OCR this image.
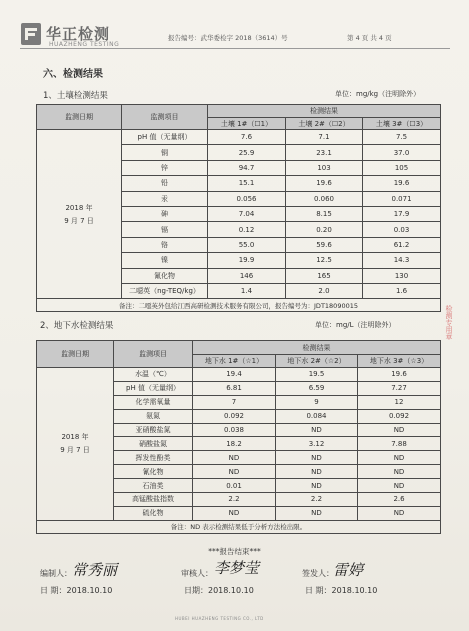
华正检测
HUAZHENG TESTING
报告编号：武华委检字 2018（3614）号	第 4 页 共 4 页
六、检测结果
1、土壤检测结果	单位：mg/kg（注明除外）
监测日期	监测项目	检测结果		
		土壤 1#（☐1）	土壤 2#（☐2）	土壤 3#（☐3）

2018 年
9 月 7 日	pH 值（无量纲）	7.6	7.1	7.5
	铜	25.9	23.1	37.0
	锌	94.7	103	105
	铅	15.1	19.6	19.6
	汞	0.056	0.060	0.071
	砷	7.04	8.15	17.9
	镉	0.12	0.20	0.03
	铬	55.0	59.6	61.2
	镍	19.9	12.5	14.3
	氰化物	146	165	130
	二噁英（ng-TEQ/kg）	1.4	2.0	1.6
备注：二噁英外包给江西高研检测技术服务有限公司，报告编号为：JDT18090015					检测专用章
2、地下水检测结果	单位：mg/L（注明除外）
监测日期	监测项目	检测结果		
		地下水 1#（☆1）	地下水 2#（☆2）	地下水 3#（☆3）

2018 年
9 月 7 日	水温（℃）	19.4	19.5	19.6
	pH 值（无量纲）	6.81	6.59	7.27
	化学需氧量	7	9	12
	氨氮	0.092	0.084	0.092
	亚硝酸盐氮	0.038	ND	ND
	硝酸盐氮	18.2	3.12	7.88
	挥发性酚类	ND	ND	ND
	氰化物	ND	ND	ND
	石油类	0.01	ND	ND
	高锰酸盐指数	2.2	2.2	2.6
	硫化物	ND	ND	ND
备注：ND 表示检测结果低于分析方法检出限。				
***报告结束***
编制人： 常秀丽
日 期：2018.10.10
审核人： 李梦莹
日期：2018.10.10
签发人： 雷婷
日 期：2018.10.10
HUBEI HUAZHENG TESTING CO., LTD
